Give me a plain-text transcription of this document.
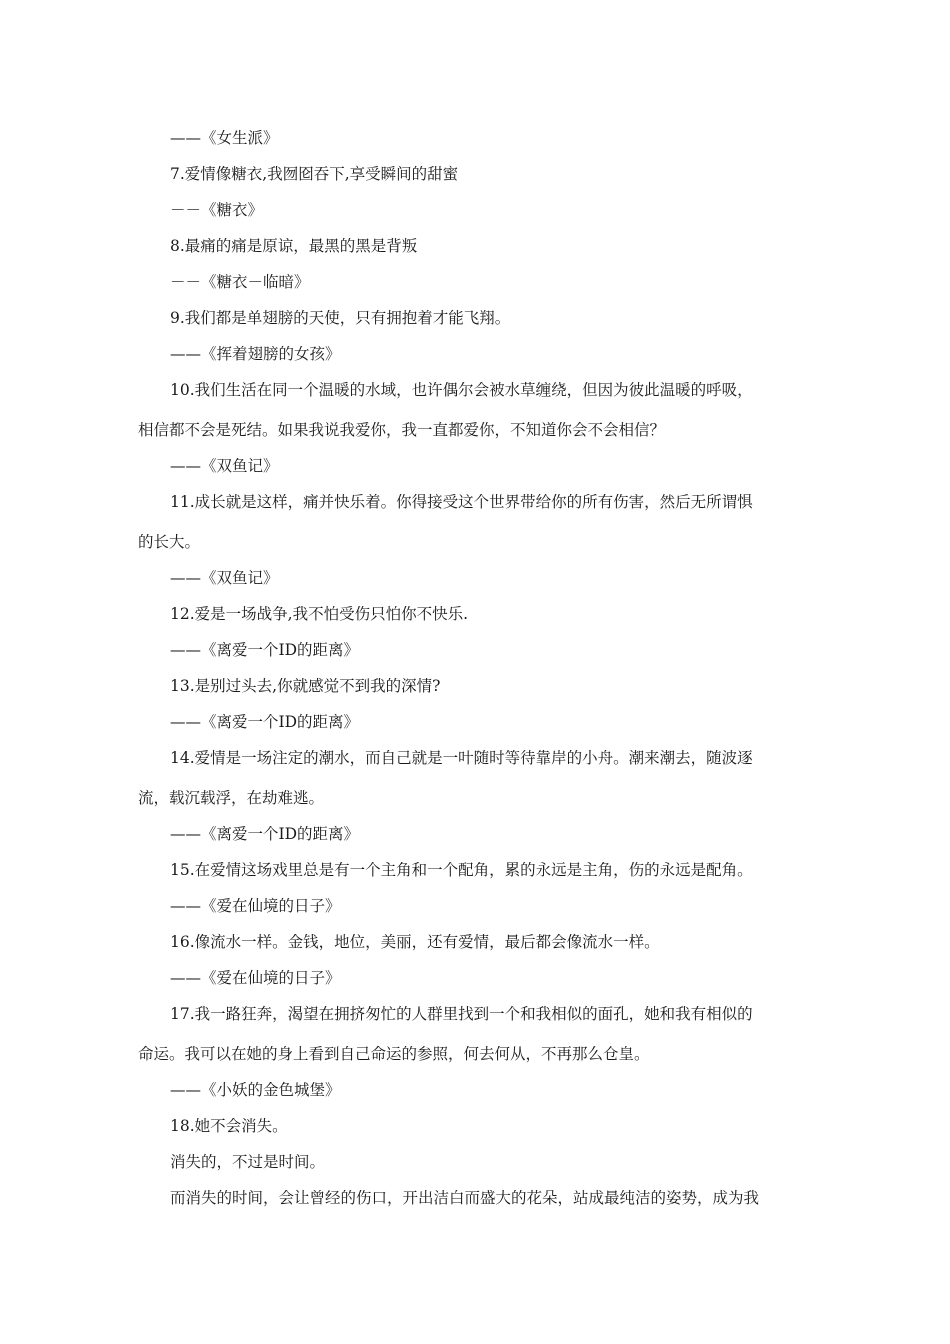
——《女生派》
7.爱情像糖衣,我囫囵吞下,享受瞬间的甜蜜
－－《糖衣》
8.最痛的痛是原谅，最黑的黑是背叛
－－《糖衣－临暗》
9.我们都是单翅膀的天使，只有拥抱着才能飞翔。
——《挥着翅膀的女孩》
10.我们生活在同一个温暖的水域，也许偶尔会被水草缠绕，但因为彼此温暖的呼吸，
相信都不会是死结。如果我说我爱你，我一直都爱你，不知道你会不会相信？
——《双鱼记》
11.成长就是这样，痛并快乐着。你得接受这个世界带给你的所有伤害，然后无所谓惧
的长大。
——《双鱼记》
12.爱是一场战争,我不怕受伤只怕你不快乐.
——《离爱一个ID的距离》
13.是别过头去,你就感觉不到我的深情?
——《离爱一个ID的距离》
14.爱情是一场注定的潮水，而自己就是一叶随时等待靠岸的小舟。潮来潮去，随波逐
流，载沉载浮，在劫难逃。
——《离爱一个ID的距离》
15.在爱情这场戏里总是有一个主角和一个配角，累的永远是主角，伤的永远是配角。
——《爱在仙境的日子》
16.像流水一样。金钱，地位，美丽，还有爱情，最后都会像流水一样。
——《爱在仙境的日子》
17.我一路狂奔，渴望在拥挤匆忙的人群里找到一个和我相似的面孔，她和我有相似的
命运。我可以在她的身上看到自己命运的参照，何去何从，不再那么仓皇。
——《小妖的金色城堡》
18.她不会消失。
消失的，不过是时间。
而消失的时间，会让曾经的伤口，开出洁白而盛大的花朵，站成最纯洁的姿势，成为我
